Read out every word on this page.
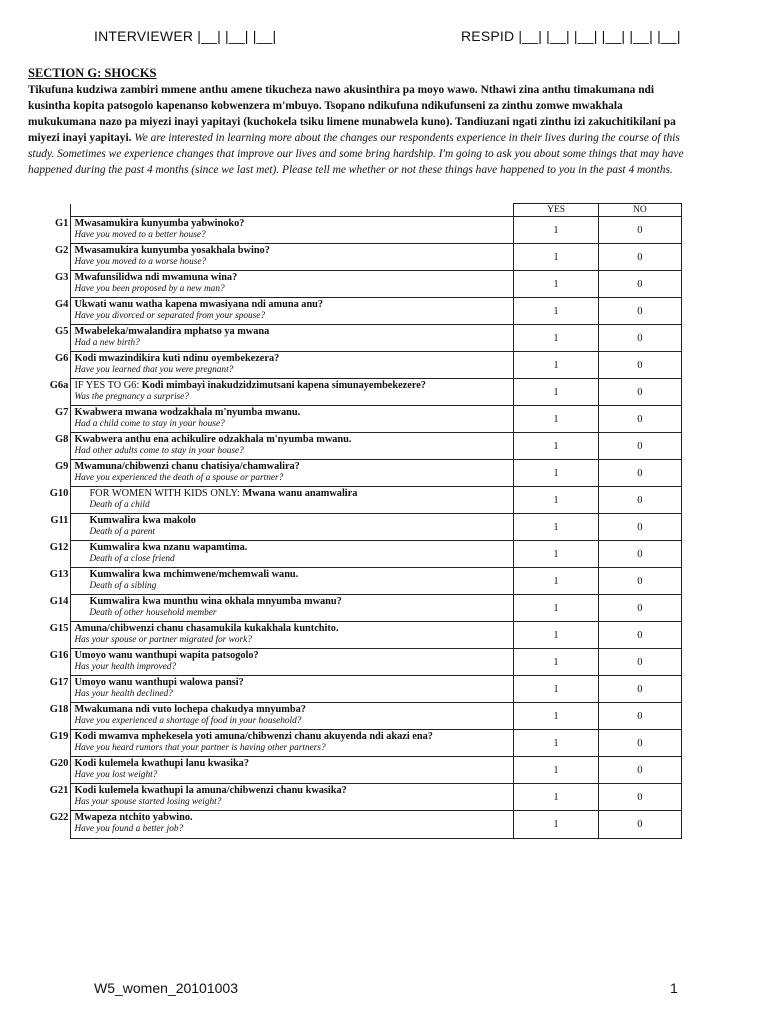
INTERVIEWER |__| |__| |__|	RESPID |__| |__| |__| |__| |__| |__|
SECTION G: SHOCKS
Tikufuna kudziwa zambiri mmene anthu amene tikucheza nawo akusinthira pa moyo wawo. Nthawi zina anthu timakumana ndi kusintha kopita patsogolo kapenanso kobwenzera m'mbuyo. Tsopano ndikufuna ndikufunseni za zinthu zomwe mwakhala mukukumana nazo pa miyezi inayi yapitayi (kuchokela tsiku limene munabwela kuno). Tandiuzani ngati zinthu izi zakuchitikilani pa miyezi inayi yapitayi. We are interested in learning more about the changes our respondents experience in their lives during the course of this study. Sometimes we experience changes that improve our lives and some bring hardship. I'm going to ask you about some things that may have happened during the past 4 months (since we last met). Please tell me whether or not these things have happened to you in the past 4 months.
		YES	NO
G1	Mwasamukira kunyumba yabwinoko?
Have you moved to a better house?	1	0
G2	Mwasamukira kunyumba yosakhala bwino?
Have you moved to a worse house?	1	0
G3	Mwafunsilidwa ndi mwamuna wina?
Have you been proposed by a new man?	1	0
G4	Ukwati wanu watha kapena mwasiyana ndi amuna anu?
Have you divorced or separated from your spouse?	1	0
G5	Mwabeleka/mwalandira mphatso ya mwana
Had a new birth?	1	0
G6	Kodi mwazindikira kuti ndinu oyembekezera?
Have you learned that you were pregnant?	1	0
G6a	IF YES TO G6: Kodi mimbayi inakudzidzimutsani kapena simunayembekezere?
Was the pregnancy a surprise?	1	0
G7	Kwabwera mwana wodzakhala m'nyumba mwanu.
Had a child come to stay in your house?	1	0
G8	Kwabwera anthu ena achikulire odzakhala m'nyumba mwanu.
Had other adults come to stay in your house?	1	0
G9	Mwamuna/chibwenzi chanu chatisiya/chamwalira?
Have you experienced the death of a spouse or partner?	1	0
G10	FOR WOMEN WITH KIDS ONLY: Mwana wanu anamwalira
Death of a child	1	0
G11	Kumwalira kwa makolo
Death of a parent	1	0
G12	Kumwalira kwa nzanu wapamtima.
Death of a close friend	1	0
G13	Kumwalira kwa mchimwene/mchemwali wanu.
Death of a sibling	1	0
G14	Kumwalira kwa munthu wina okhala mnyumba mwanu?
Death of other household member	1	0
G15	Amuna/chibwenzi chanu chasamukila kukakhala kuntchito.
Has your spouse or partner migrated for work?	1	0
G16	Umoyo wanu wanthupi wapita patsogolo?
Has your health improved?	1	0
G17	Umoyo wanu wanthupi walowa pansi?
Has your health declined?	1	0
G18	Mwakumana ndi vuto lochepa chakudya mnyumba?
Have you experienced a shortage of food in your household?	1	0
G19	Kodi mwamva mphekesela yoti amuna/chibwenzi chanu akuyenda ndi akazi ena?
Have you heard rumors that your partner is having other partners?	1	0
G20	Kodi kulemela kwathupi lanu kwasika?
Have you lost weight?	1	0
G21	Kodi kulemela kwathupi la amuna/chibwenzi chanu kwasika?
Has your spouse started losing weight?	1	0
G22	Mwapeza ntchito yabwino.
Have you found a better job?	1	0
W5_women_20101003	1
